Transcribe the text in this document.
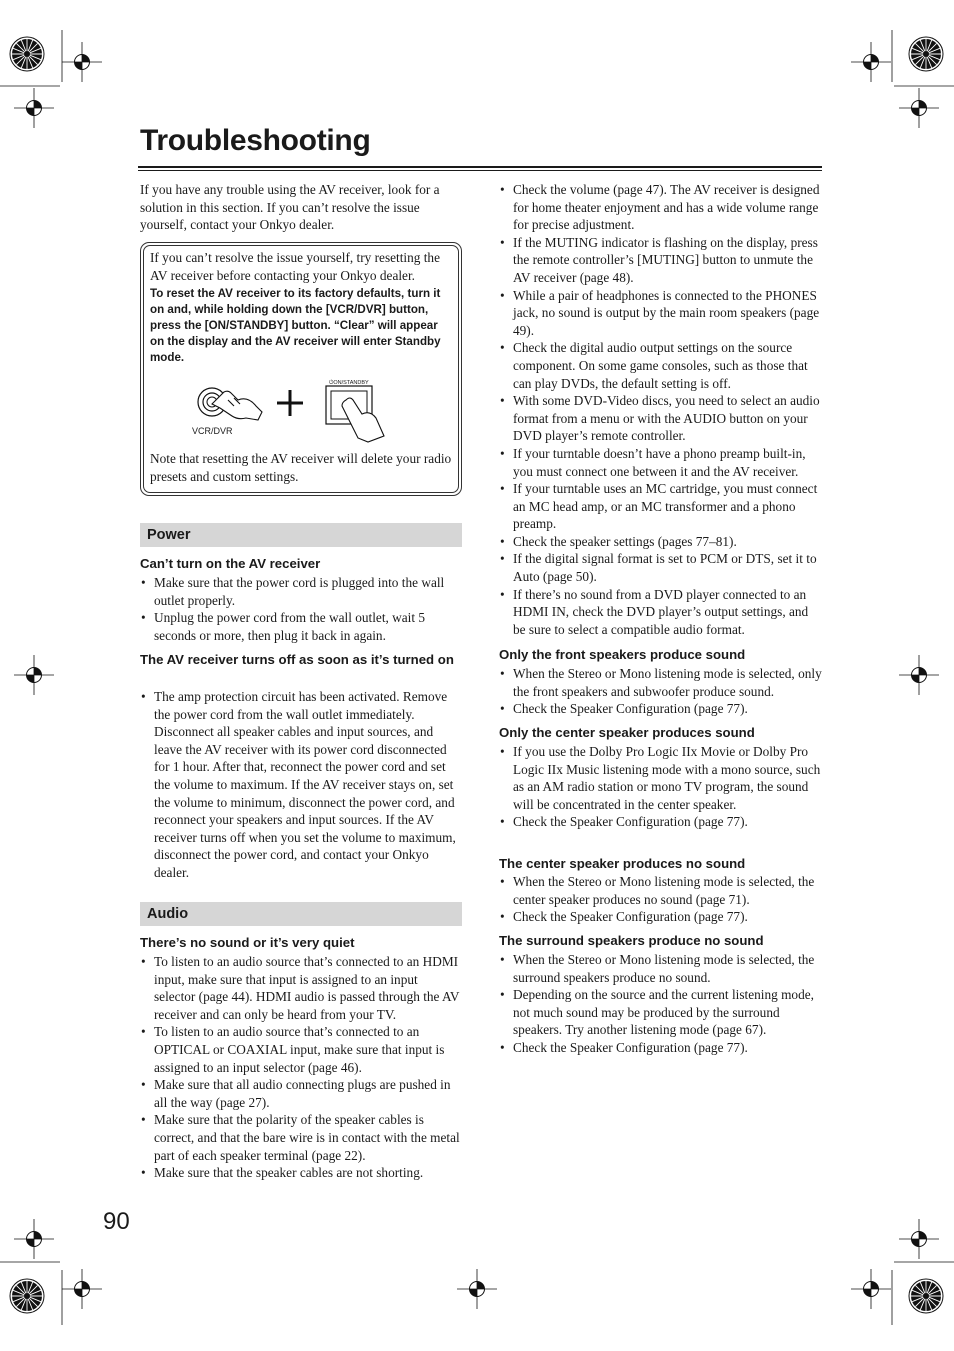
Troubleshooting

If you have any trouble using the AV receiver, look for a solution in this section. If you can’t resolve the issue yourself, contact your Onkyo dealer.

If you can’t resolve the issue yourself, try resetting the AV receiver before contacting your Onkyo dealer.

To reset the AV receiver to its factory defaults, turn it on and, while holding down the [VCR/DVR] button, press the [ON/STANDBY] button. “Clear” will appear on the display and the AV receiver will enter Standby mode.

VCR/DVR
⏻ON/STANDBY

Note that resetting the AV receiver will delete your radio presets and custom settings.

Power
Can’t turn on the AV receiver
• Make sure that the power cord is plugged into the wall outlet properly.
• Unplug the power cord from the wall outlet, wait 5 seconds or more, then plug it back in again.
The AV receiver turns off as soon as it’s turned on
• The amp protection circuit has been activated. Remove the power cord from the wall outlet immediately. Disconnect all speaker cables and input sources, and leave the AV receiver with its power cord disconnected for 1 hour. After that, reconnect the power cord and set the volume to maximum. If the AV receiver stays on, set the volume to minimum, disconnect the power cord, and reconnect your speakers and input sources. If the AV receiver turns off when you set the volume to maximum, disconnect the power cord, and contact your Onkyo dealer.
Audio
There’s no sound or it’s very quiet
• To listen to an audio source that’s connected to an HDMI input, make sure that input is assigned to an input selector (page 44). HDMI audio is passed through the AV receiver and can only be heard from your TV.
• To listen to an audio source that’s connected to an OPTICAL or COAXIAL input, make sure that input is assigned to an input selector (page 46).
• Make sure that all audio connecting plugs are pushed in all the way (page 27).
• Make sure that the polarity of the speaker cables is correct, and that the bare wire is in contact with the metal part of each speaker terminal (page 22).
• Make sure that the speaker cables are not shorting.
• Check the volume (page 47). The AV receiver is designed for home theater enjoyment and has a wide volume range for precise adjustment.
• If the MUTING indicator is flashing on the display, press the remote controller’s [MUTING] button to unmute the AV receiver (page 48).
• While a pair of headphones is connected to the PHONES jack, no sound is output by the main room speakers (page 49).
• Check the digital audio output settings on the source component. On some game consoles, such as those that can play DVDs, the default setting is off.
• With some DVD-Video discs, you need to select an audio format from a menu or with the AUDIO button on your DVD player’s remote controller.
• If your turntable doesn’t have a phono preamp built-in, you must connect one between it and the AV receiver.
• If your turntable uses an MC cartridge, you must connect an MC head amp, or an MC transformer and a phono preamp.
• Check the speaker settings (pages 77–81).
• If the digital signal format is set to PCM or DTS, set it to Auto (page 50).
• If there’s no sound from a DVD player connected to an HDMI IN, check the DVD player’s output settings, and be sure to select a compatible audio format.
Only the front speakers produce sound
• When the Stereo or Mono listening mode is selected, only the front speakers and subwoofer produce sound.
• Check the Speaker Configuration (page 77).
Only the center speaker produces sound
• If you use the Dolby Pro Logic IIx Movie or Dolby Pro Logic IIx Music listening mode with a mono source, such as an AM radio station or mono TV program, the sound will be concentrated in the center speaker.
• Check the Speaker Configuration (page 77).
The center speaker produces no sound
• When the Stereo or Mono listening mode is selected, the center speaker produces no sound (page 71).
• Check the Speaker Configuration (page 77).
The surround speakers produce no sound
• When the Stereo or Mono listening mode is selected, the surround speakers produce no sound.
• Depending on the source and the current listening mode, not much sound may be produced by the surround speakers. Try another listening mode (page 67).
• Check the Speaker Configuration (page 77).
90
